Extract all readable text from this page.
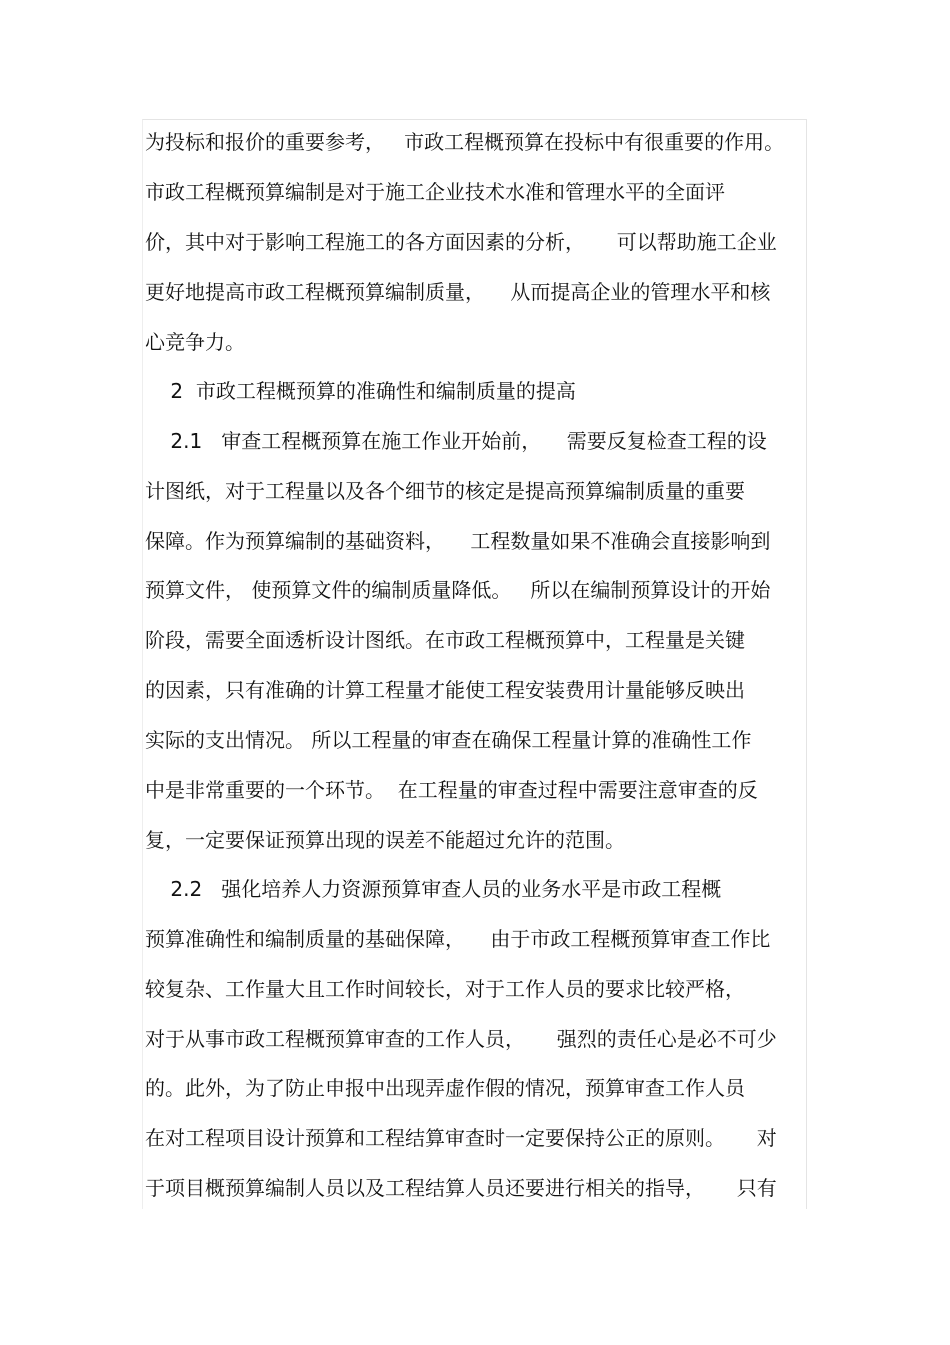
为投标和报价的重要参考，   市政工程概预算在投标中有很重要的作用。
市政工程概预算编制是对于施工企业技术水准和管理水平的全面评
价，其中对于影响工程施工的各方面因素的分析，     可以帮助施工企业
更好地提高市政工程概预算编制质量，    从而提高企业的管理水平和核
心竞争力。
2  市政工程概预算的准确性和编制质量的提高
2.1   审查工程概预算在施工作业开始前，    需要反复检查工程的设
计图纸，对于工程量以及各个细节的核定是提高预算编制质量的重要
保障。作为预算编制的基础资料，    工程数量如果不准确会直接影响到
预算文件， 使预算文件的编制质量降低。   所以在编制预算设计的开始
阶段，需要全面透析设计图纸。在市政工程概预算中，工程量是关键
的因素，只有准确的计算工程量才能使工程安装费用计量能够反映出
实际的支出情况。 所以工程量的审查在确保工程量计算的准确性工作
中是非常重要的一个环节。  在工程量的审查过程中需要注意审查的反
复，一定要保证预算出现的误差不能超过允许的范围。
2.2   强化培养人力资源预算审查人员的业务水平是市政工程概
预算准确性和编制质量的基础保障，    由于市政工程概预算审查工作比
较复杂、工作量大且工作时间较长，对于工作人员的要求比较严格，
对于从事市政工程概预算审查的工作人员，     强烈的责任心是必不可少
的。此外，为了防止申报中出现弄虚作假的情况，预算审查工作人员
在对工程项目设计预算和工程结算审查时一定要保持公正的原则。     对
于项目概预算编制人员以及工程结算人员还要进行相关的指导，     只有
